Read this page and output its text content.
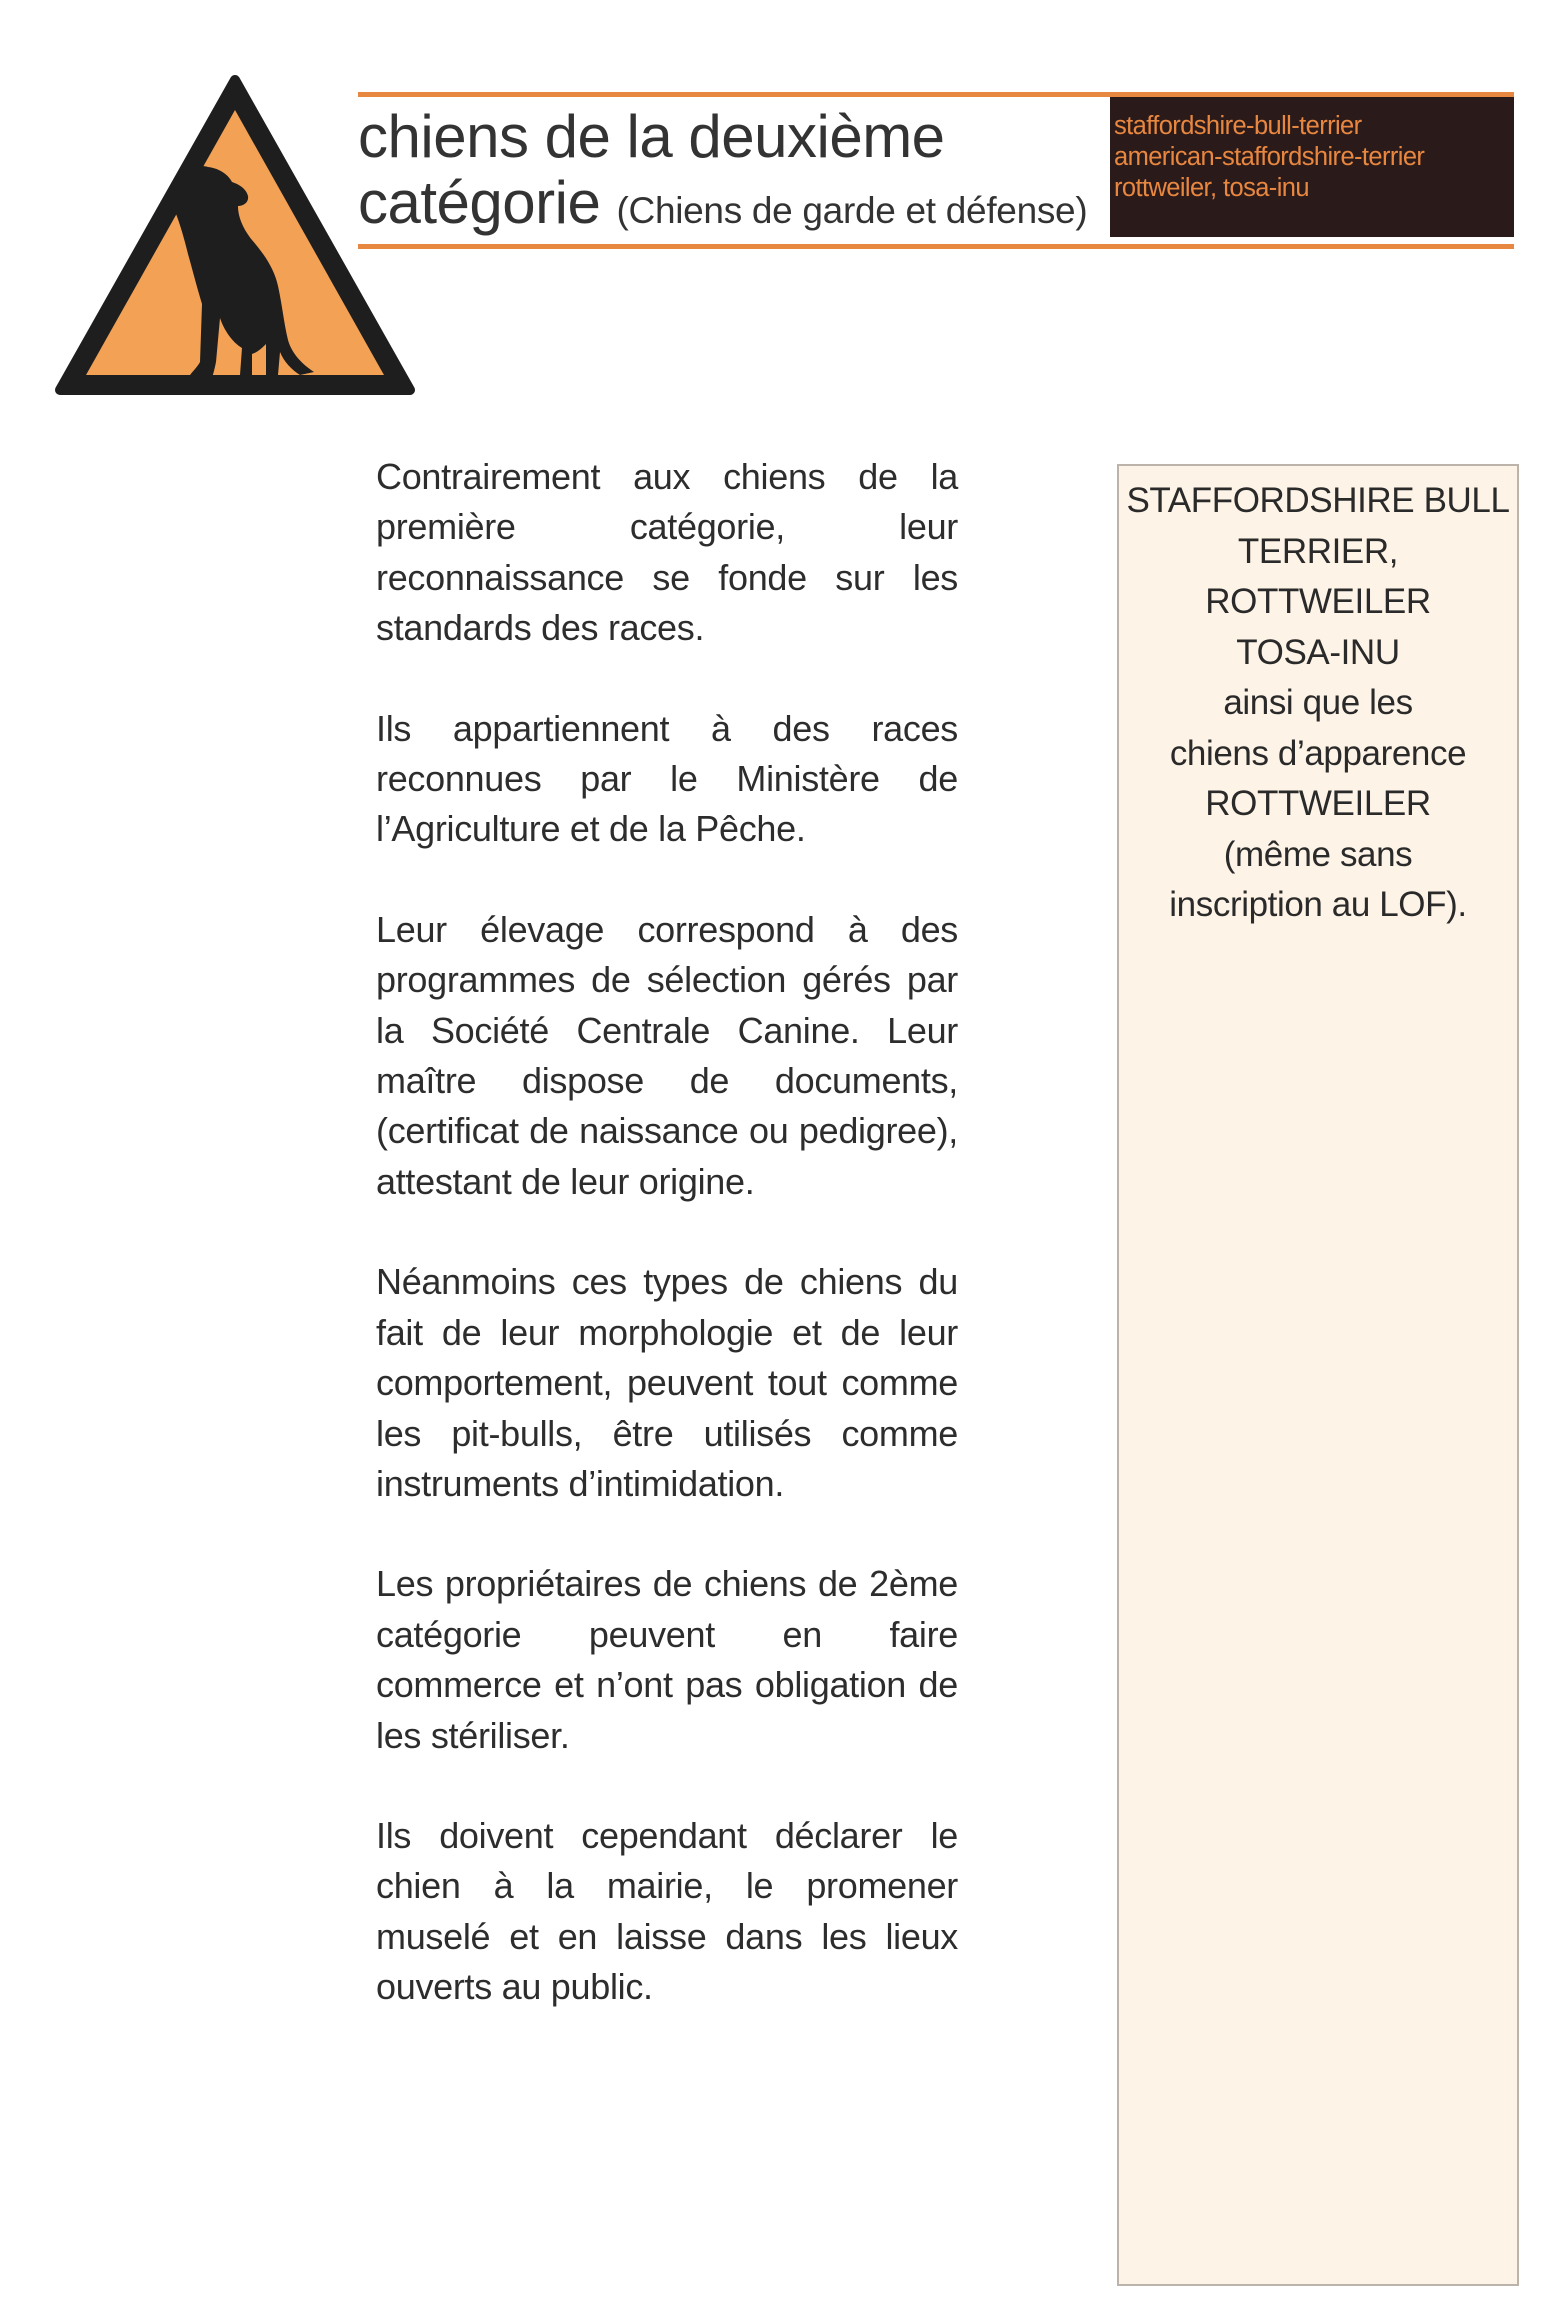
chiens de la deuxième
catégorie (Chiens de garde et défense)
staffordshire-bull-terrier
american-staffordshire-terrier
rottweiler, tosa-inu

Contrairement aux chiens de la première catégorie, leur reconnaissance se fonde sur les standards des races.

Ils appartiennent à des races reconnues par le Ministère de l’Agriculture et de la Pêche.

Leur élevage correspond à des programmes de sélection gérés par la Société Centrale Canine. Leur maître dispose de documents, (certificat de naissance ou pedigree), attestant de leur origine.

Néanmoins ces types de chiens du fait de leur morphologie et de leur comportement, peuvent tout comme les pit-bulls, être utilisés comme instruments d’intimidation.

Les propriétaires de chiens de 2ème catégorie peuvent en faire commerce et n’ont pas obligation de les stériliser.

Ils doivent cependant déclarer le chien à la mairie, le promener muselé et en laisse dans les lieux ouverts au public.

STAFFORDSHIRE BULL
TERRIER,
ROTTWEILER
TOSA-INU
ainsi que les
chiens d’apparence
ROTTWEILER
(même sans
inscription au LOF).
